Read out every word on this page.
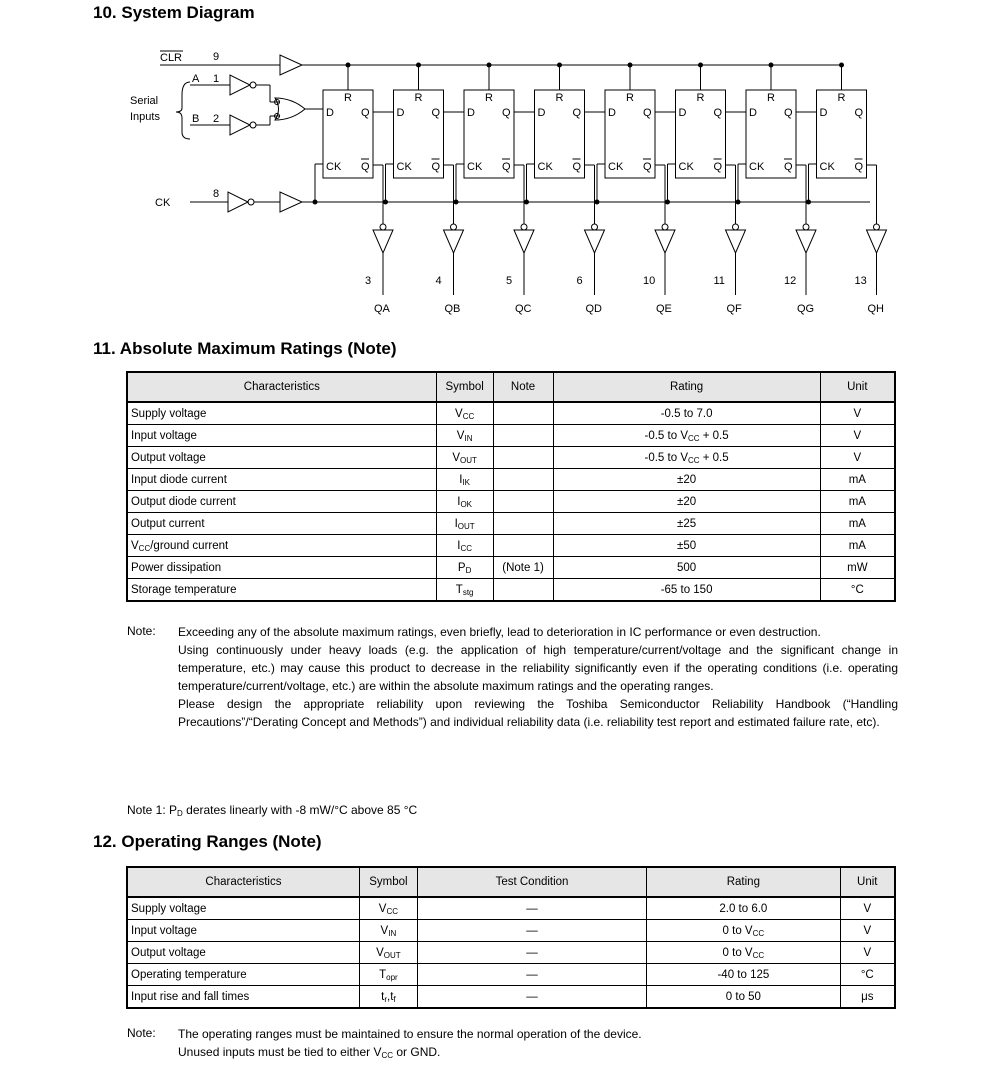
10. System Diagram
R
D Q
CK Q
3
QA
R
D Q
CK Q
4
QB
R
D Q
CK Q
5
QC
R
D Q
CK Q
6
QD
R
D Q
CK Q
10
QE
R
D Q
CK Q
11
QF
R
D Q
CK Q
12
QG
R
D Q
CK Q
13
QH
CLR	9
Serial
Inputs
A 1
B 2
CK
8
11. Absolute Maximum Ratings (Note)
Characteristics	Symbol	Note	Rating	Unit
Supply voltage	$V_{CC}$		-0.5 to 7.0	V
Input voltage	$V_{IN}$		-0.5 to $V_{CC} + 0.5$	V
Output voltage	$V_{OUT}$		-0.5 to $V_{CC} + 0.5$	V
Input diode current	$I_{IK}$		±20	mA
Output diode current	$I_{OK}$		±20	mA
Output current	$I_{OUT}$		±25	mA
$V_{CC}$/ground current	$I_{CC}$		±50	mA
Power dissipation	$P_D$	(Note 1)	500	mW
Storage temperature	$T_{stg}$		-65 to 150	°C
Note: Exceeding any of the absolute maximum ratings, even briefly, lead to deterioration in IC performance or even destruction.
Using continuously under heavy loads (e.g. the application of high temperature/current/voltage and the significant change in temperature, etc.) may cause this product to decrease in the reliability significantly even if the operating conditions (i.e. operating temperature/current/voltage, etc.) are within the absolute maximum ratings and the operating ranges.
Please design the appropriate reliability upon reviewing the Toshiba Semiconductor Reliability Handbook (“Handling Precautions”/“Derating Concept and Methods”) and individual reliability data (i.e. reliability test report and estimated failure rate, etc).
Note 1: $P_D$ derates linearly with -8 mW/°C above 85 °C
12. Operating Ranges (Note)
Characteristics	Symbol	Test Condition	Rating	Unit
Supply voltage	$V_{CC}$	—	2.0 to 6.0	V
Input voltage	$V_{IN}$	—	0 to $V_{CC}$	V
Output voltage	$V_{OUT}$	—	0 to $V_{CC}$	V
Operating temperature	$T_{opr}$	—	-40 to 125	°C
Input rise and fall times	$t_r,t_f$	—	0 to 50	μs
Note: The operating ranges must be maintained to ensure the normal operation of the device.
Unused inputs must be tied to either $V_{CC}$ or GND.
